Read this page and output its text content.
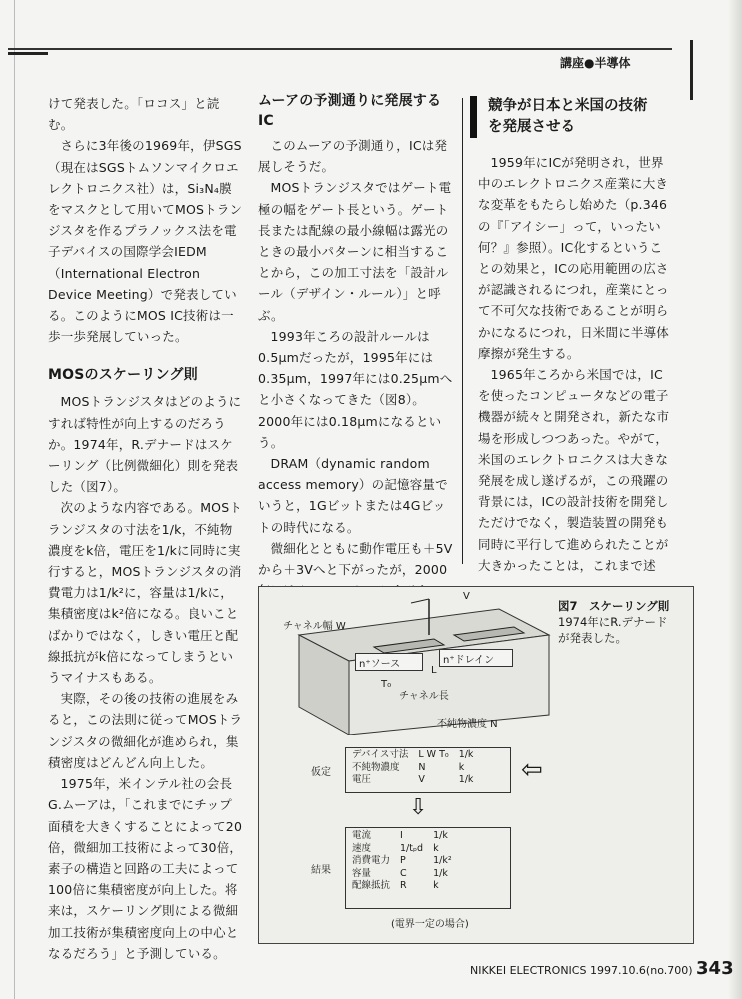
講座●半導体

けて発表した。「ロコス」と読む。

さらに3年後の1969年，伊SGS（現在はSGSトムソンマイクロエレクトロニクス社）は，Si₃N₄膜をマスクとして用いてMOSトランジスタを作るプラノックス法を電子デバイスの国際学会IEDM（International Electron Device Meeting）で発表している。このようにMOS IC技術は一歩一歩発展していった。

MOSのスケーリング則

MOSトランジスタはどのようにすれば特性が向上するのだろうか。1974年，R.デナードはスケーリング（比例微細化）則を発表した（図7）。

次のような内容である。MOSトランジスタの寸法を1/k，不純物濃度をk倍，電圧を1/kに同時に実行すると，MOSトランジスタの消費電力は1/k²に，容量は1/kに，集積密度はk²倍になる。良いことばかりではなく，しきい電圧と配線抵抗がk倍になってしまうというマイナスもある。

実際，その後の技術の進展をみると，この法則に従ってMOSトランジスタの微細化が進められ，集積密度はどんどん向上した。

1975年，米インテル社の会長G.ムーアは，「これまでにチップ面積を大きくすることによって20倍，微細加工技術によって30倍，素子の構造と回路の工夫によって100倍に集積密度が向上した。将来は，スケーリング則による微細加工技術が集積密度向上の中心となるだろう」と予測している。

ムーアの予測通りに発展するIC

このムーアの予測通り，ICは発展しそうだ。

MOSトランジスタではゲート電極の幅をゲート長という。ゲート長または配線の最小線幅は露光のときの最小パターンに相当することから，この加工寸法を「設計ルール（デザイン・ルール）」と呼ぶ。

1993年ころの設計ルールは0.5μmだったが，1995年には0.35μm，1997年には0.25μmへと小さくなってきた（図8）。2000年には0.18μmになるという。

DRAM（dynamic random access memory）の記憶容量でいうと，1Gビットまたは4Gビットの時代になる。

微細化とともに動作電圧も＋5Vから＋3Vへと下がったが，2000

競争が日本と米国の技術を発展させる

1959年にICが発明され，世界中のエレクトロニクス産業に大きな変革をもたらし始めた（p.346の『「アイシー」って，いったい何？』参照）。IC化するということの効果と，ICの応用範囲の広さが認識されるにつれ，産業にとって不可欠な技術であることが明らかになるにつれ，日米間に半導体摩擦が発生する。

1965年ころから米国では，ICを使ったコンピュータなどの電子機器が続々と開発され，新たな市場を形成しつつあった。やがて，米国のエレクトロニクスは大きな発展を成し遂げるが，この飛躍の背景には，ICの設計技術を開発しただけでなく，製造装置の開発も同時に平行して進められたことが大きかったことは，これまで述

V
チャネル幅 W
n⁺ソース	n⁺ドレイン
L
T₀
チャネル長
不純物濃度 N
仮定
デバイス寸法	L W T₀	1/k
不純物濃度	N	k
電圧	V	1/k
⇩
⇦
結果
電流	I	1/k
速度	1/tₚd	k
消費電力	P	1/k²
容量	C	1/k
配線抵抗	R	k
(電界一定の場合)
図7　スケーリング則
1974年にR.デナードが発表した。
NIKKEI ELECTRONICS 1997.10.6(no.700) 343
